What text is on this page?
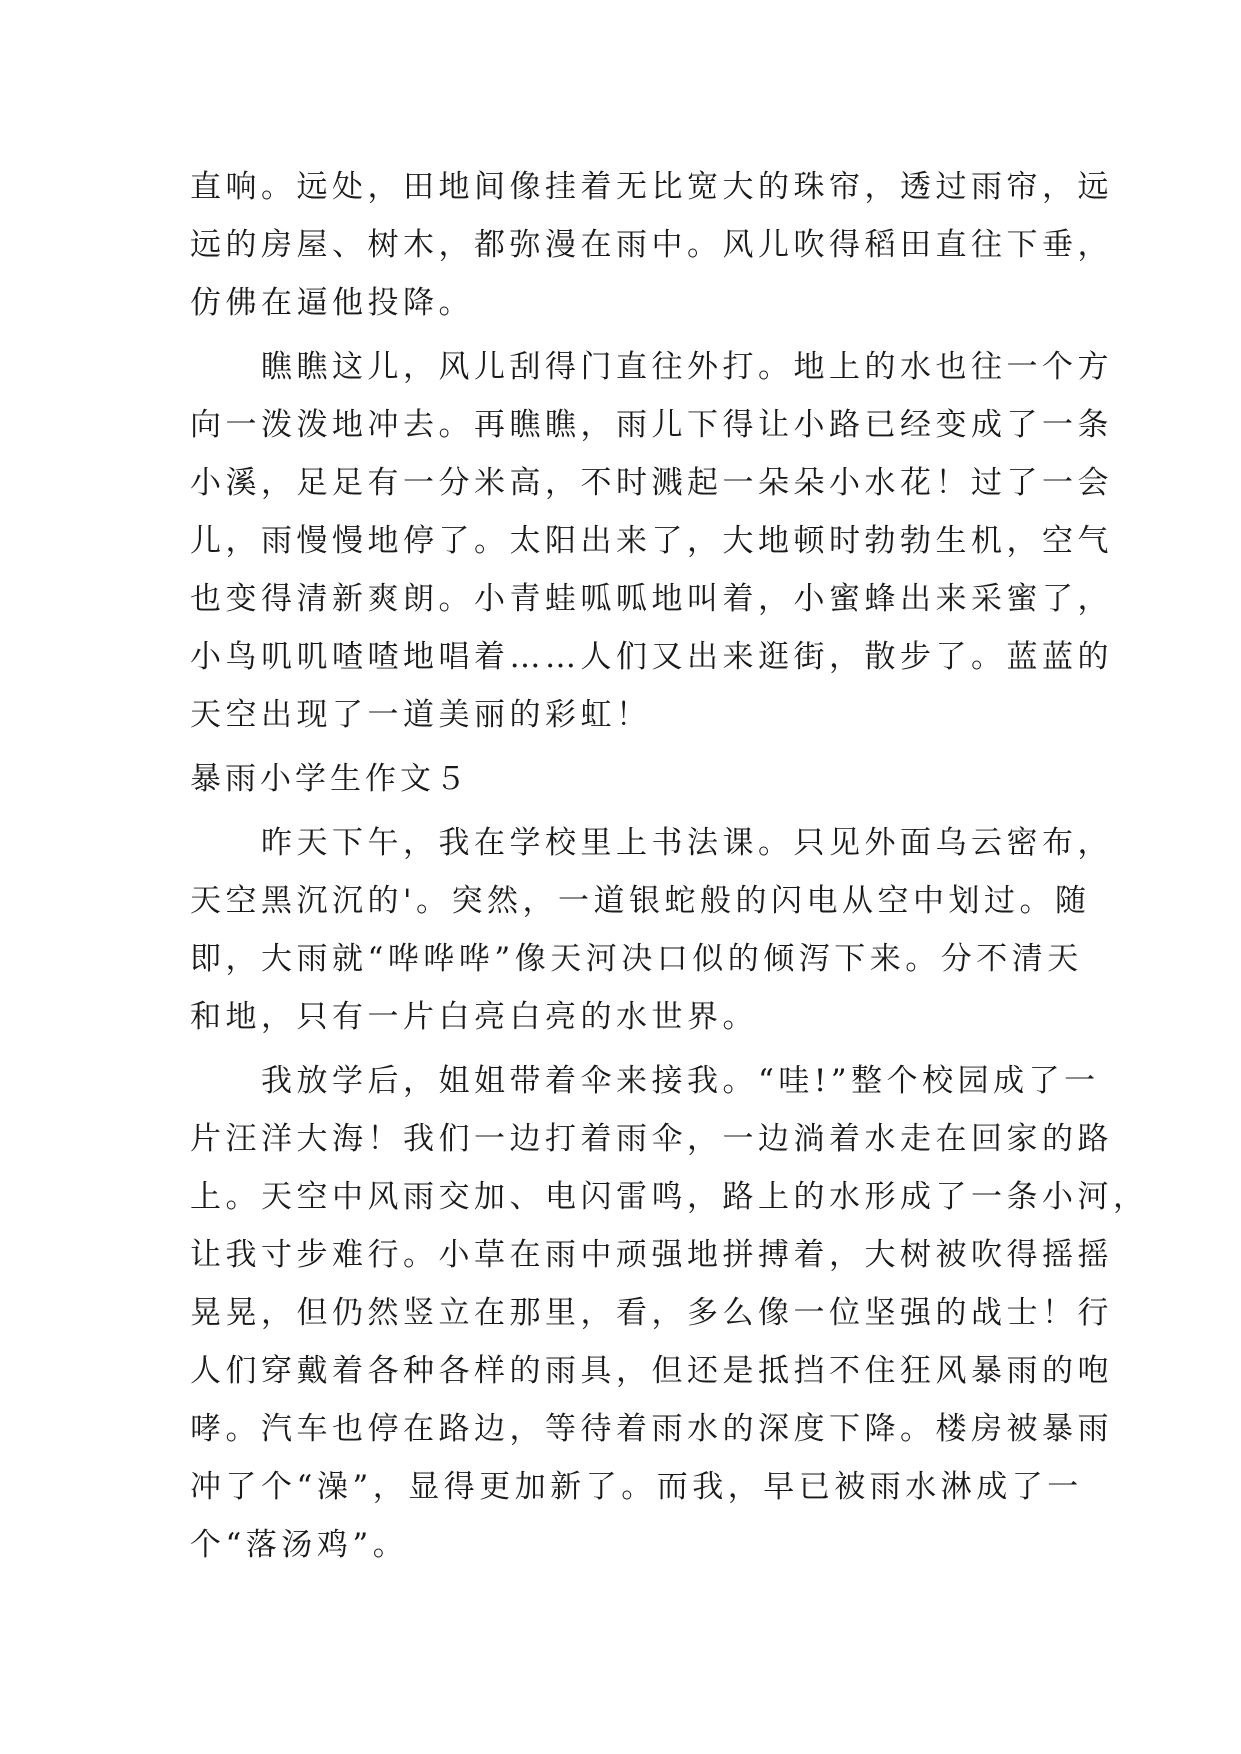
直响。远处，田地间像挂着无比宽大的珠帘，透过雨帘，远
远的房屋、树木，都弥漫在雨中。风儿吹得稻田直往下垂，
仿佛在逼他投降。
　　瞧瞧这儿，风儿刮得门直往外打。地上的水也往一个方
向一泼泼地冲去。再瞧瞧，雨儿下得让小路已经变成了一条
小溪，足足有一分米高，不时溅起一朵朵小水花！过了一会
儿，雨慢慢地停了。太阳出来了，大地顿时勃勃生机，空气
也变得清新爽朗。小青蛙呱呱地叫着，小蜜蜂出来采蜜了，
小鸟叽叽喳喳地唱着……人们又出来逛街，散步了。蓝蓝的
天空出现了一道美丽的彩虹！
暴雨小学生作文５
　　昨天下午，我在学校里上书法课。只见外面乌云密布，
天空黑沉沉的'。突然，一道银蛇般的闪电从空中划过。随
即，大雨就“哗哗哗”像天河决口似的倾泻下来。分不清天
和地，只有一片白亮白亮的水世界。
　　我放学后，姐姐带着伞来接我。“哇!”整个校园成了一
片汪洋大海！我们一边打着雨伞，一边淌着水走在回家的路
上。天空中风雨交加、电闪雷鸣，路上的水形成了一条小河，
让我寸步难行。小草在雨中顽强地拼搏着，大树被吹得摇摇
晃晃，但仍然竖立在那里，看，多么像一位坚强的战士！行
人们穿戴着各种各样的雨具，但还是抵挡不住狂风暴雨的咆
哮。汽车也停在路边，等待着雨水的深度下降。楼房被暴雨
冲了个“澡”，显得更加新了。而我，早已被雨水淋成了一
个“落汤鸡”。
